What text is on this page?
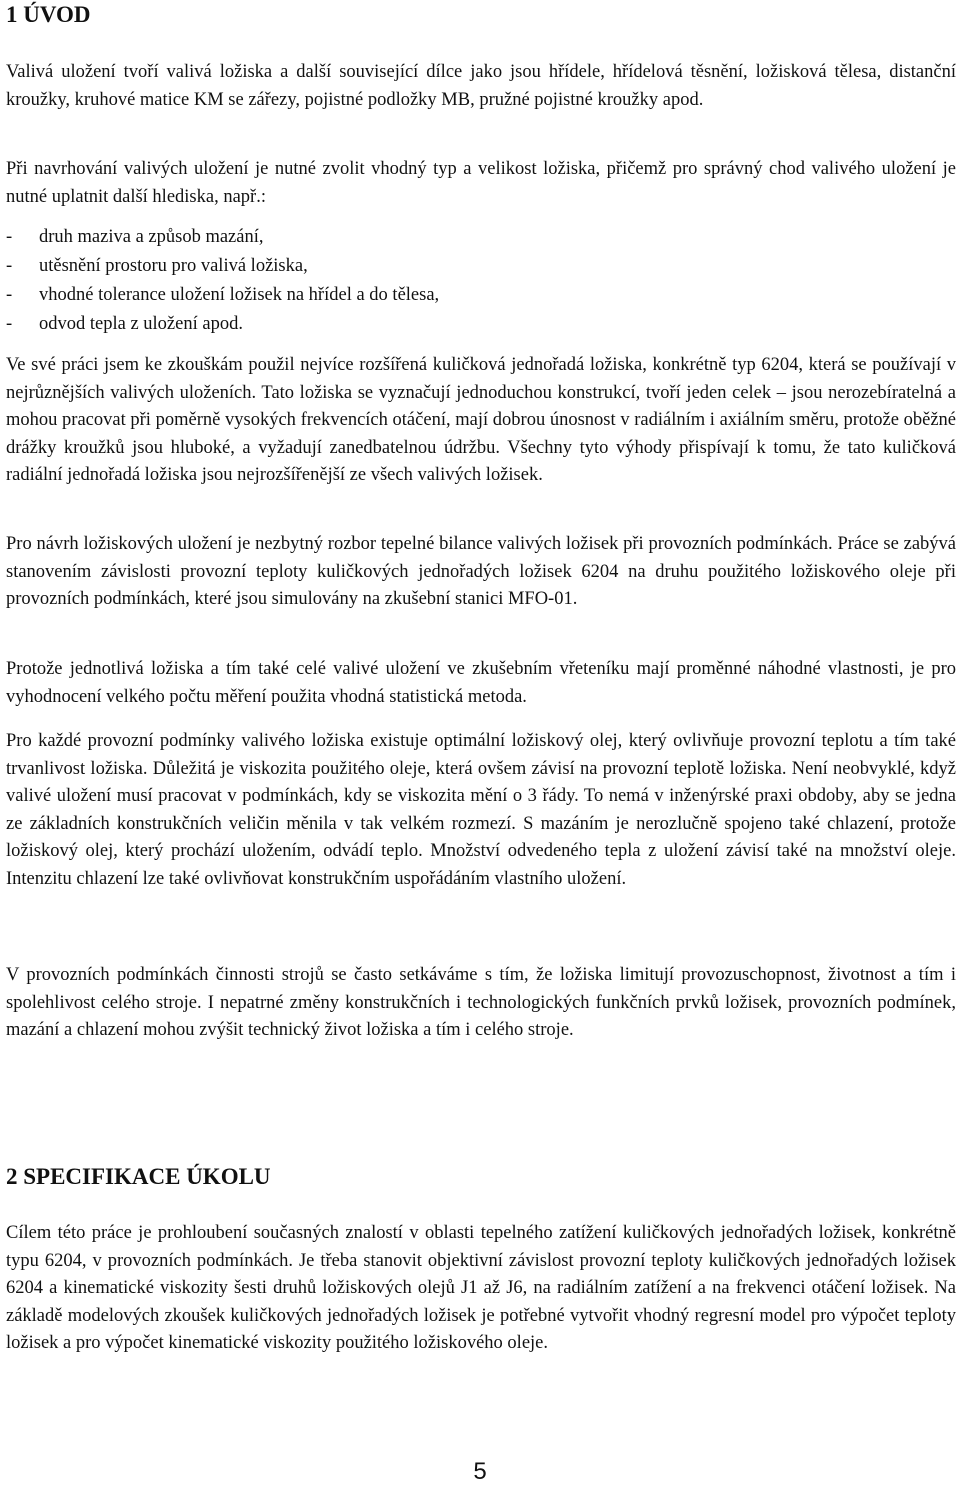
1 ÚVOD

Valivá uložení tvoří valivá ložiska a další související dílce jako jsou hřídele, hřídelová těsnění, ložisková tělesa, distanční kroužky, kruhové matice KM se zářezy, pojistné podložky MB, pružné pojistné kroužky apod.

Při navrhování valivých uložení je nutné zvolit vhodný typ a velikost ložiska, přičemž pro správný chod valivého uložení je nutné uplatnit další hlediska, např.:

- druh maziva a způsob mazání,
- utěsnění prostoru pro valivá ložiska,
- vhodné tolerance uložení ložisek na hřídel a do tělesa,
- odvod tepla z uložení apod.

Ve své práci jsem ke zkouškám použil nejvíce rozšířená kuličková jednořadá ložiska, konkrétně typ 6204, která se používají v nejrůznějších valivých uloženích. Tato ložiska se vyznačují jednoduchou konstrukcí, tvoří jeden celek – jsou nerozebíratelná a mohou pracovat při poměrně vysokých frekvencích otáčení, mají dobrou únosnost v radiálním i axiálním směru, protože oběžné drážky kroužků jsou hluboké, a vyžadují zanedbatelnou údržbu. Všechny tyto výhody přispívají k tomu, že tato kuličková radiální jednořadá ložiska jsou nejrozšířenější ze všech valivých ložisek.

Pro návrh ložiskových uložení je nezbytný rozbor tepelné bilance valivých ložisek při provozních podmínkách. Práce se zabývá stanovením závislosti provozní teploty kuličkových jednořadých ložisek 6204 na druhu použitého ložiskového oleje při provozních podmínkách, které jsou simulovány na zkušební stanici MFO-01.

Protože jednotlivá ložiska a tím také celé valivé uložení ve zkušebním vřeteníku mají proměnné náhodné vlastnosti, je pro vyhodnocení velkého počtu měření použita vhodná statistická metoda.

Pro každé provozní podmínky valivého ložiska existuje optimální ložiskový olej, který ovlivňuje provozní teplotu a tím také trvanlivost ložiska. Důležitá je viskozita použitého oleje, která ovšem závisí na provozní teplotě ložiska. Není neobvyklé, když valivé uložení musí pracovat v podmínkách, kdy se viskozita mění o 3 řády. To nemá v inženýrské praxi obdoby, aby se jedna ze základních konstrukčních veličin měnila v tak velkém rozmezí. S mazáním je nerozlučně spojeno také chlazení, protože ložiskový olej, který prochází uložením, odvádí teplo. Množství odvedeného tepla z uložení závisí také na množství oleje. Intenzitu chlazení lze také ovlivňovat konstrukčním uspořádáním vlastního uložení.

V provozních podmínkách činnosti strojů se často setkáváme s tím, že ložiska limitují provozuschopnost, životnost a tím i spolehlivost celého stroje. I nepatrné změny konstrukčních i technologických funkčních prvků ložisek, provozních podmínek, mazání a chlazení mohou zvýšit technický život ložiska a tím i celého stroje.

2 SPECIFIKACE ÚKOLU

Cílem této práce je prohloubení současných znalostí v oblasti tepelného zatížení kuličkových jednořadých ložisek, konkrétně typu 6204, v provozních podmínkách. Je třeba stanovit objektivní závislost provozní teploty kuličkových jednořadých ložisek 6204 a kinematické viskozity šesti druhů ložiskových olejů J1 až J6, na radiálním zatížení a na frekvenci otáčení ložisek. Na základě modelových zkoušek kuličkových jednořadých ložisek je potřebné vytvořit vhodný regresní model pro výpočet teploty ložisek a pro výpočet kinematické viskozity použitého ložiskového oleje.

5
